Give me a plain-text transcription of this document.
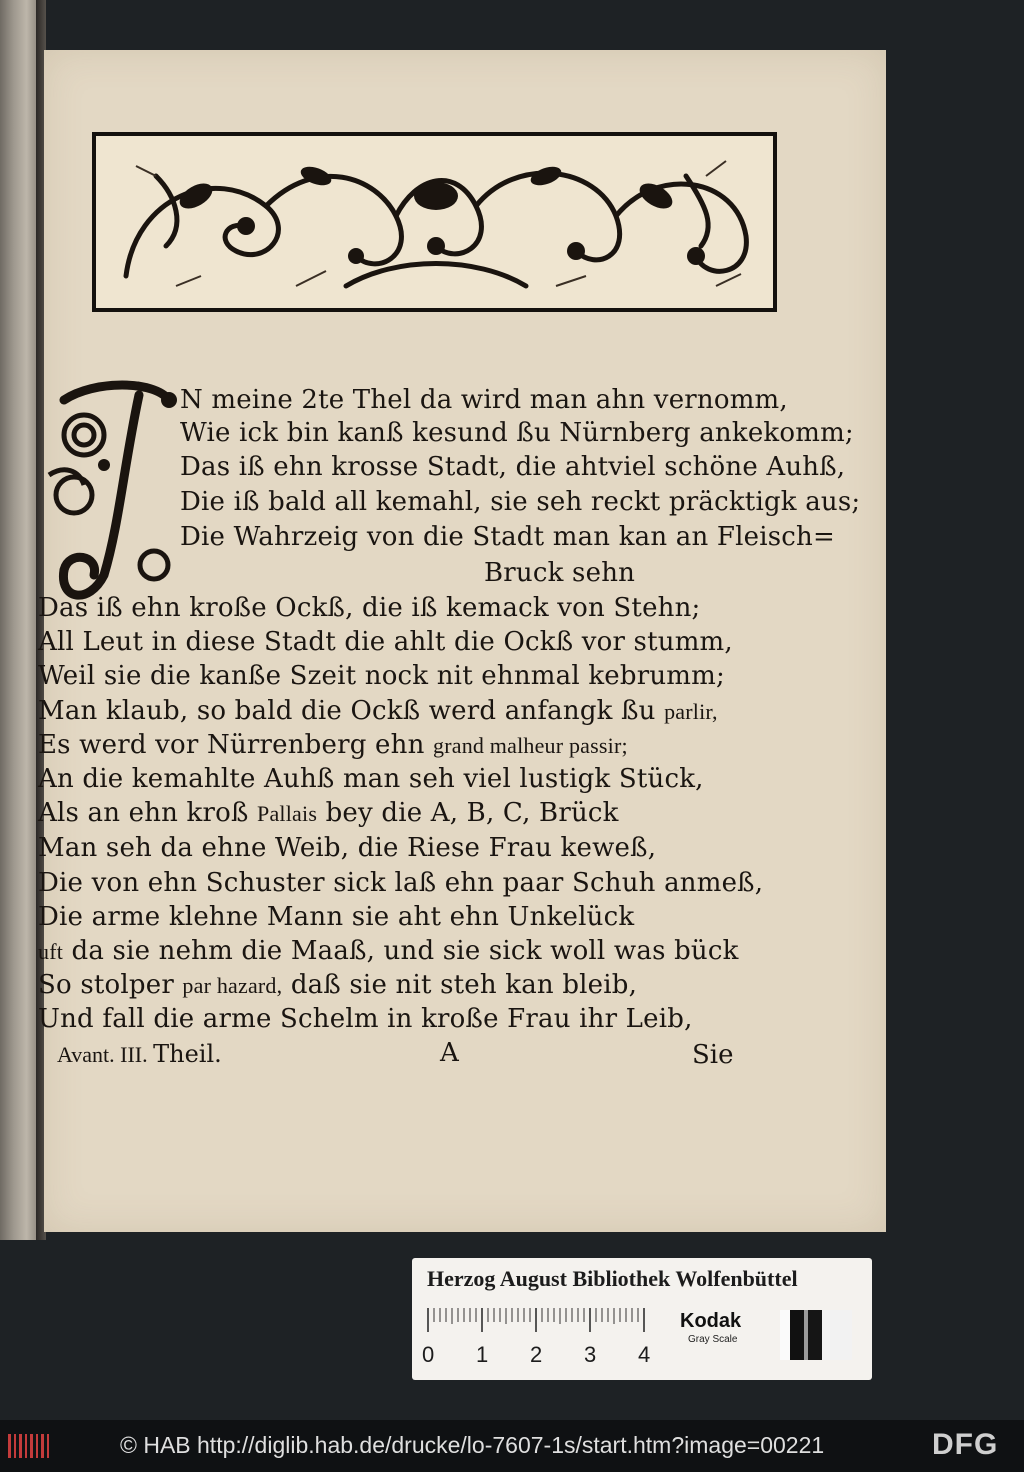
N meine 2te Thel da wird man ahn vernomm,
Wie ick bin kanß kesund ßu Nürnberg ankekomm;
Das iß ehn krosse Stadt, die ahtviel schöne Auhß,
Die iß bald all kemahl, sie seh reckt präcktigk aus;
Die Wahrzeig von die Stadt man kan an Fleisch=
Bruck sehn
Das iß ehn kroße Ockß, die iß kemack von Stehn;
All Leut in diese Stadt die ahlt die Ockß vor stumm,
Weil sie die kanße Szeit nock nit ehnmal kebrumm;
Man klaub, so bald die Ockß werd anfangk ßu parlir,
Es werd vor Nürrenberg ehn grand malheur passir;
An die kemahlte Auhß man seh viel lustigk Stück,
Als an ehn kroß Pallais bey die A, B, C, Brück
Man seh da ehne Weib, die Riese Frau keweß,
Die von ehn Schuster sick laß ehn paar Schuh anmeß,
Die arme klehne Mann sie aht ehn Unkelück
uft da sie nehm die Maaß, und sie sick woll was bück
So stolper par hazard, daß sie nit steh kan bleib,
Und fall die arme Schelm in kroße Frau ihr Leib,
Avant. III. Theil.	A	Sie
Herzog August Bibliothek Wolfenbüttel
0 1 2 3 4
Kodak
Gray Scale
© HAB http://diglib.hab.de/drucke/lo-7607-1s/start.htm?image=00221	DFG
